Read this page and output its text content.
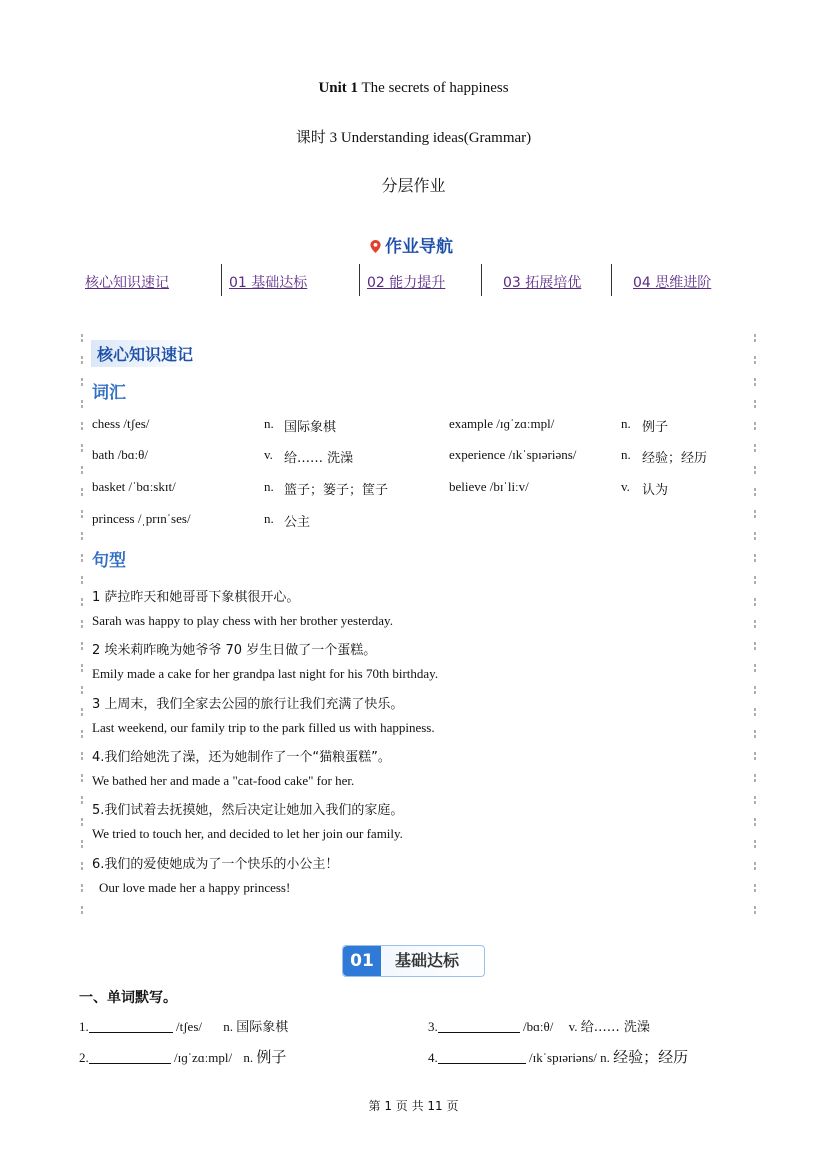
Unit 1 The secrets of happiness
课时 3 Understanding ideas(Grammar)
分层作业
作业导航
核心知识速记	01 基础达标	02 能力提升	03 拓展培优	04 思维进阶
核心知识速记
词汇
chess /tʃes/	n. 国际象棋	example /ɪɡˈzɑːmpl/	n. 例子
bath /bɑːθ/	v. 给…… 洗澡	experience /ɪkˈspɪəriəns/	n. 经验；经历
basket /ˈbɑːskɪt/	n. 篮子；篓子；筐子	believe /bɪˈliːv/	v. 认为
princess /ˌprɪnˈses/	n. 公主
句型
1 萨拉昨天和她哥哥下象棋很开心。
Sarah was happy to play chess with her brother yesterday.
2 埃米莉昨晚为她爷爷 70 岁生日做了一个蛋糕。
Emily made a cake for her grandpa last night for his 70th birthday.
3 上周末，我们全家去公园的旅行让我们充满了快乐。
Last weekend, our family trip to the park filled us with happiness.
4.我们给她洗了澡，还为她制作了一个“猫粮蛋糕”。
We bathed her and made a "cat-food cake" for her.
5.我们试着去抚摸她，然后决定让她加入我们的家庭。
We tried to touch her, and decided to let her join our family.
6.我们的爱使她成为了一个快乐的小公主！
Our love made her a happy princess!
01	基础达标
一、单词默写。
1.	/tʃes/ n. 国际象棋	3.	/bɑːθ/ v. 给…… 洗澡
2.	/ɪɡˈzɑːmpl/ n. 例子	4.	/ɪkˈspɪəriəns/ n. 经验；经历
第 1 页 共 11 页
